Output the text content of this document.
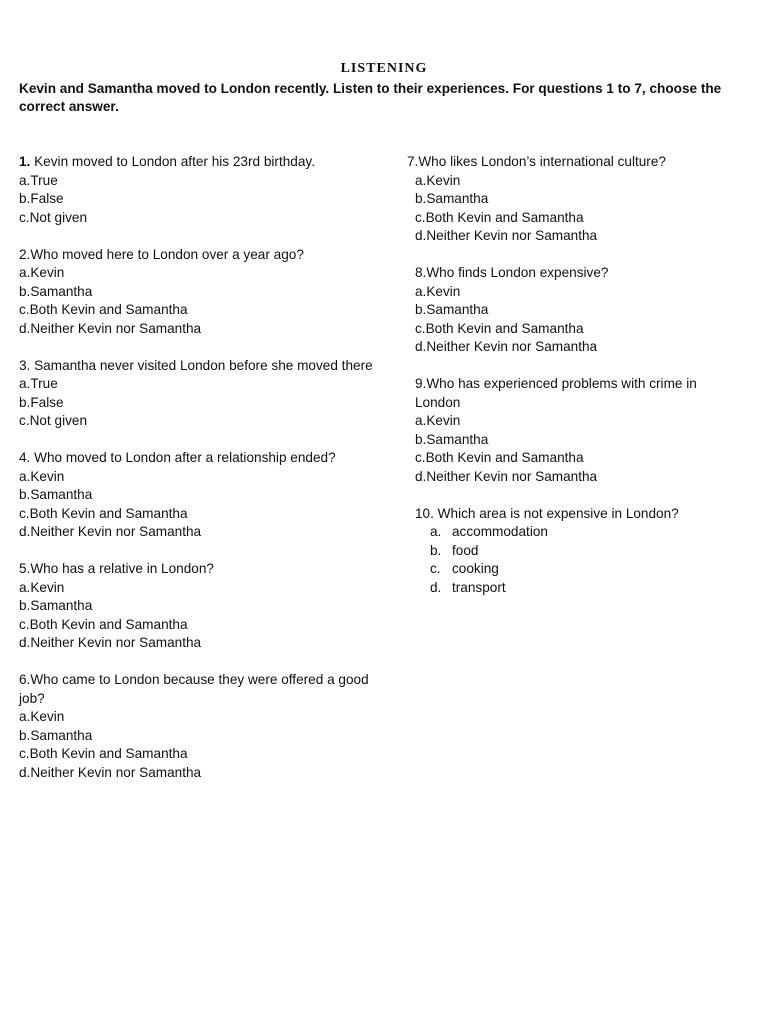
LISTENING
Kevin and Samantha moved to London recently. Listen to their experiences. For questions 1 to 7, choose the correct answer.
1. Kevin moved to London after his 23rd birthday.
a.True
b.False
c.Not given
2.Who moved here to London over a year ago?
a.Kevin
b.Samantha
c.Both Kevin and Samantha
d.Neither Kevin nor Samantha
3. Samantha never visited London before she moved there
a.True
b.False
c.Not given
4. Who moved to London after a relationship ended?
a.Kevin
b.Samantha
c.Both Kevin and Samantha
d.Neither Kevin nor Samantha
5.Who has a relative in London?
a.Kevin
b.Samantha
c.Both Kevin and Samantha
d.Neither Kevin nor Samantha
6.Who came to London because they were offered a good job?
a.Kevin
b.Samantha
c.Both Kevin and Samantha
d.Neither Kevin nor Samantha
7.Who likes London’s international culture?
a.Kevin
b.Samantha
c.Both Kevin and Samantha
d.Neither Kevin nor Samantha
8.Who finds London expensive?
a.Kevin
b.Samantha
c.Both Kevin and Samantha
d.Neither Kevin nor Samantha
9.Who has experienced problems with crime in London
a.Kevin
b.Samantha
c.Both Kevin and Samantha
d.Neither Kevin nor Samantha
10. Which area is not expensive in London?
a. accommodation
b. food
c. cooking
d. transport
